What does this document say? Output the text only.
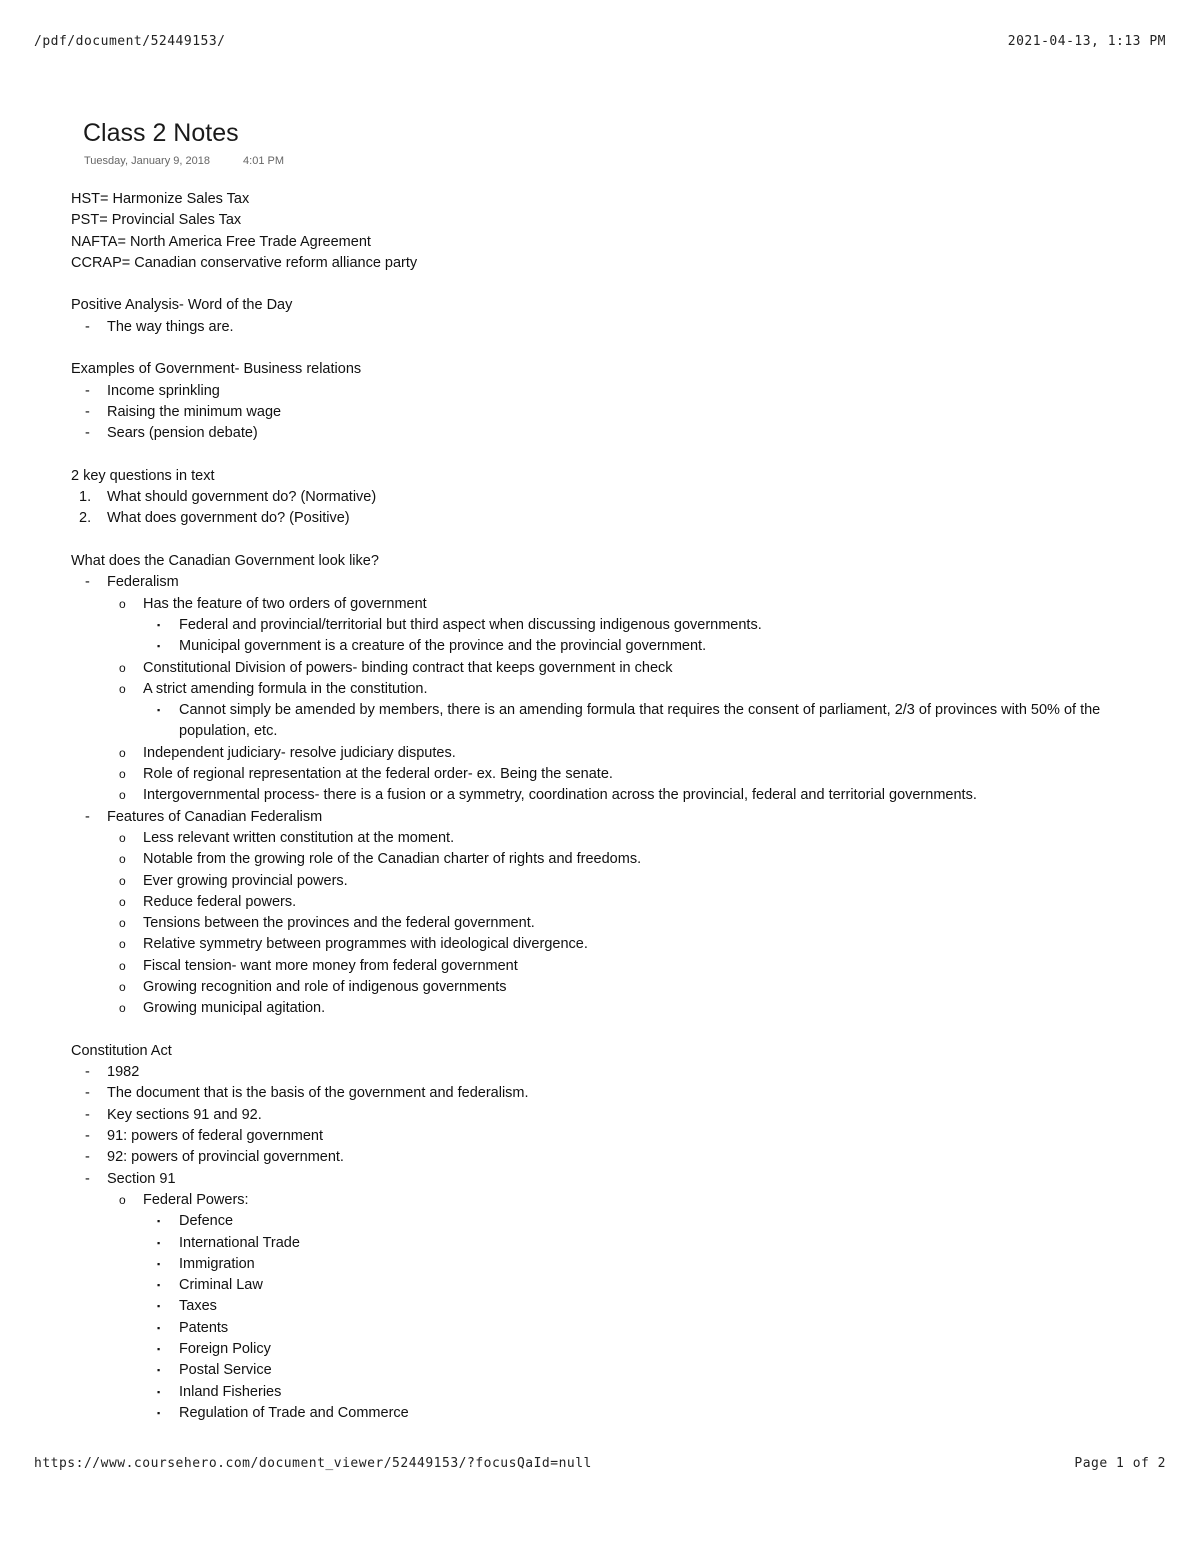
/pdf/document/52449153/	2021-04-13, 1:13 PM
Class 2 Notes
Tuesday, January 9, 2018	4:01 PM
HST= Harmonize Sales Tax
PST= Provincial Sales Tax
NAFTA= North America Free Trade Agreement
CCRAP= Canadian conservative reform alliance party
Positive Analysis- Word of the Day
- The way things are.
Examples of Government- Business relations
- Income sprinkling
- Raising the minimum wage
- Sears (pension debate)
2 key questions in text
1. What should government do? (Normative)
2. What does government do? (Positive)
What does the Canadian Government look like?
- Federalism
o Has the feature of two orders of government
▪ Federal and provincial/territorial but third aspect when discussing indigenous governments.
▪ Municipal government is a creature of the province and the provincial government.
o Constitutional Division of powers- binding contract that keeps government in check
o A strict amending formula in the constitution.
▪ Cannot simply be amended by members, there is an amending formula that requires the consent of parliament, 2/3 of provinces with 50% of the population, etc.
o Independent judiciary- resolve judiciary disputes.
o Role of regional representation at the federal order- ex. Being the senate.
o Intergovernmental process- there is a fusion or a symmetry, coordination across the provincial, federal and territorial governments.
- Features of Canadian Federalism
o Less relevant written constitution at the moment.
o Notable from the growing role of the Canadian charter of rights and freedoms.
o Ever growing provincial powers.
o Reduce federal powers.
o Tensions between the provinces and the federal government.
o Relative symmetry between programmes with ideological divergence.
o Fiscal tension- want more money from federal government
o Growing recognition and role of indigenous governments
o Growing municipal agitation.
Constitution Act
- 1982
- The document that is the basis of the government and federalism.
- Key sections 91 and 92.
- 91: powers of federal government
- 92: powers of provincial government.
- Section 91
o Federal Powers:
▪ Defence
▪ International Trade
▪ Immigration
▪ Criminal Law
▪ Taxes
▪ Patents
▪ Foreign Policy
▪ Postal Service
▪ Inland Fisheries
▪ Regulation of Trade and Commerce
https://www.coursehero.com/document_viewer/52449153/?focusQaId=null	Page 1 of 2
